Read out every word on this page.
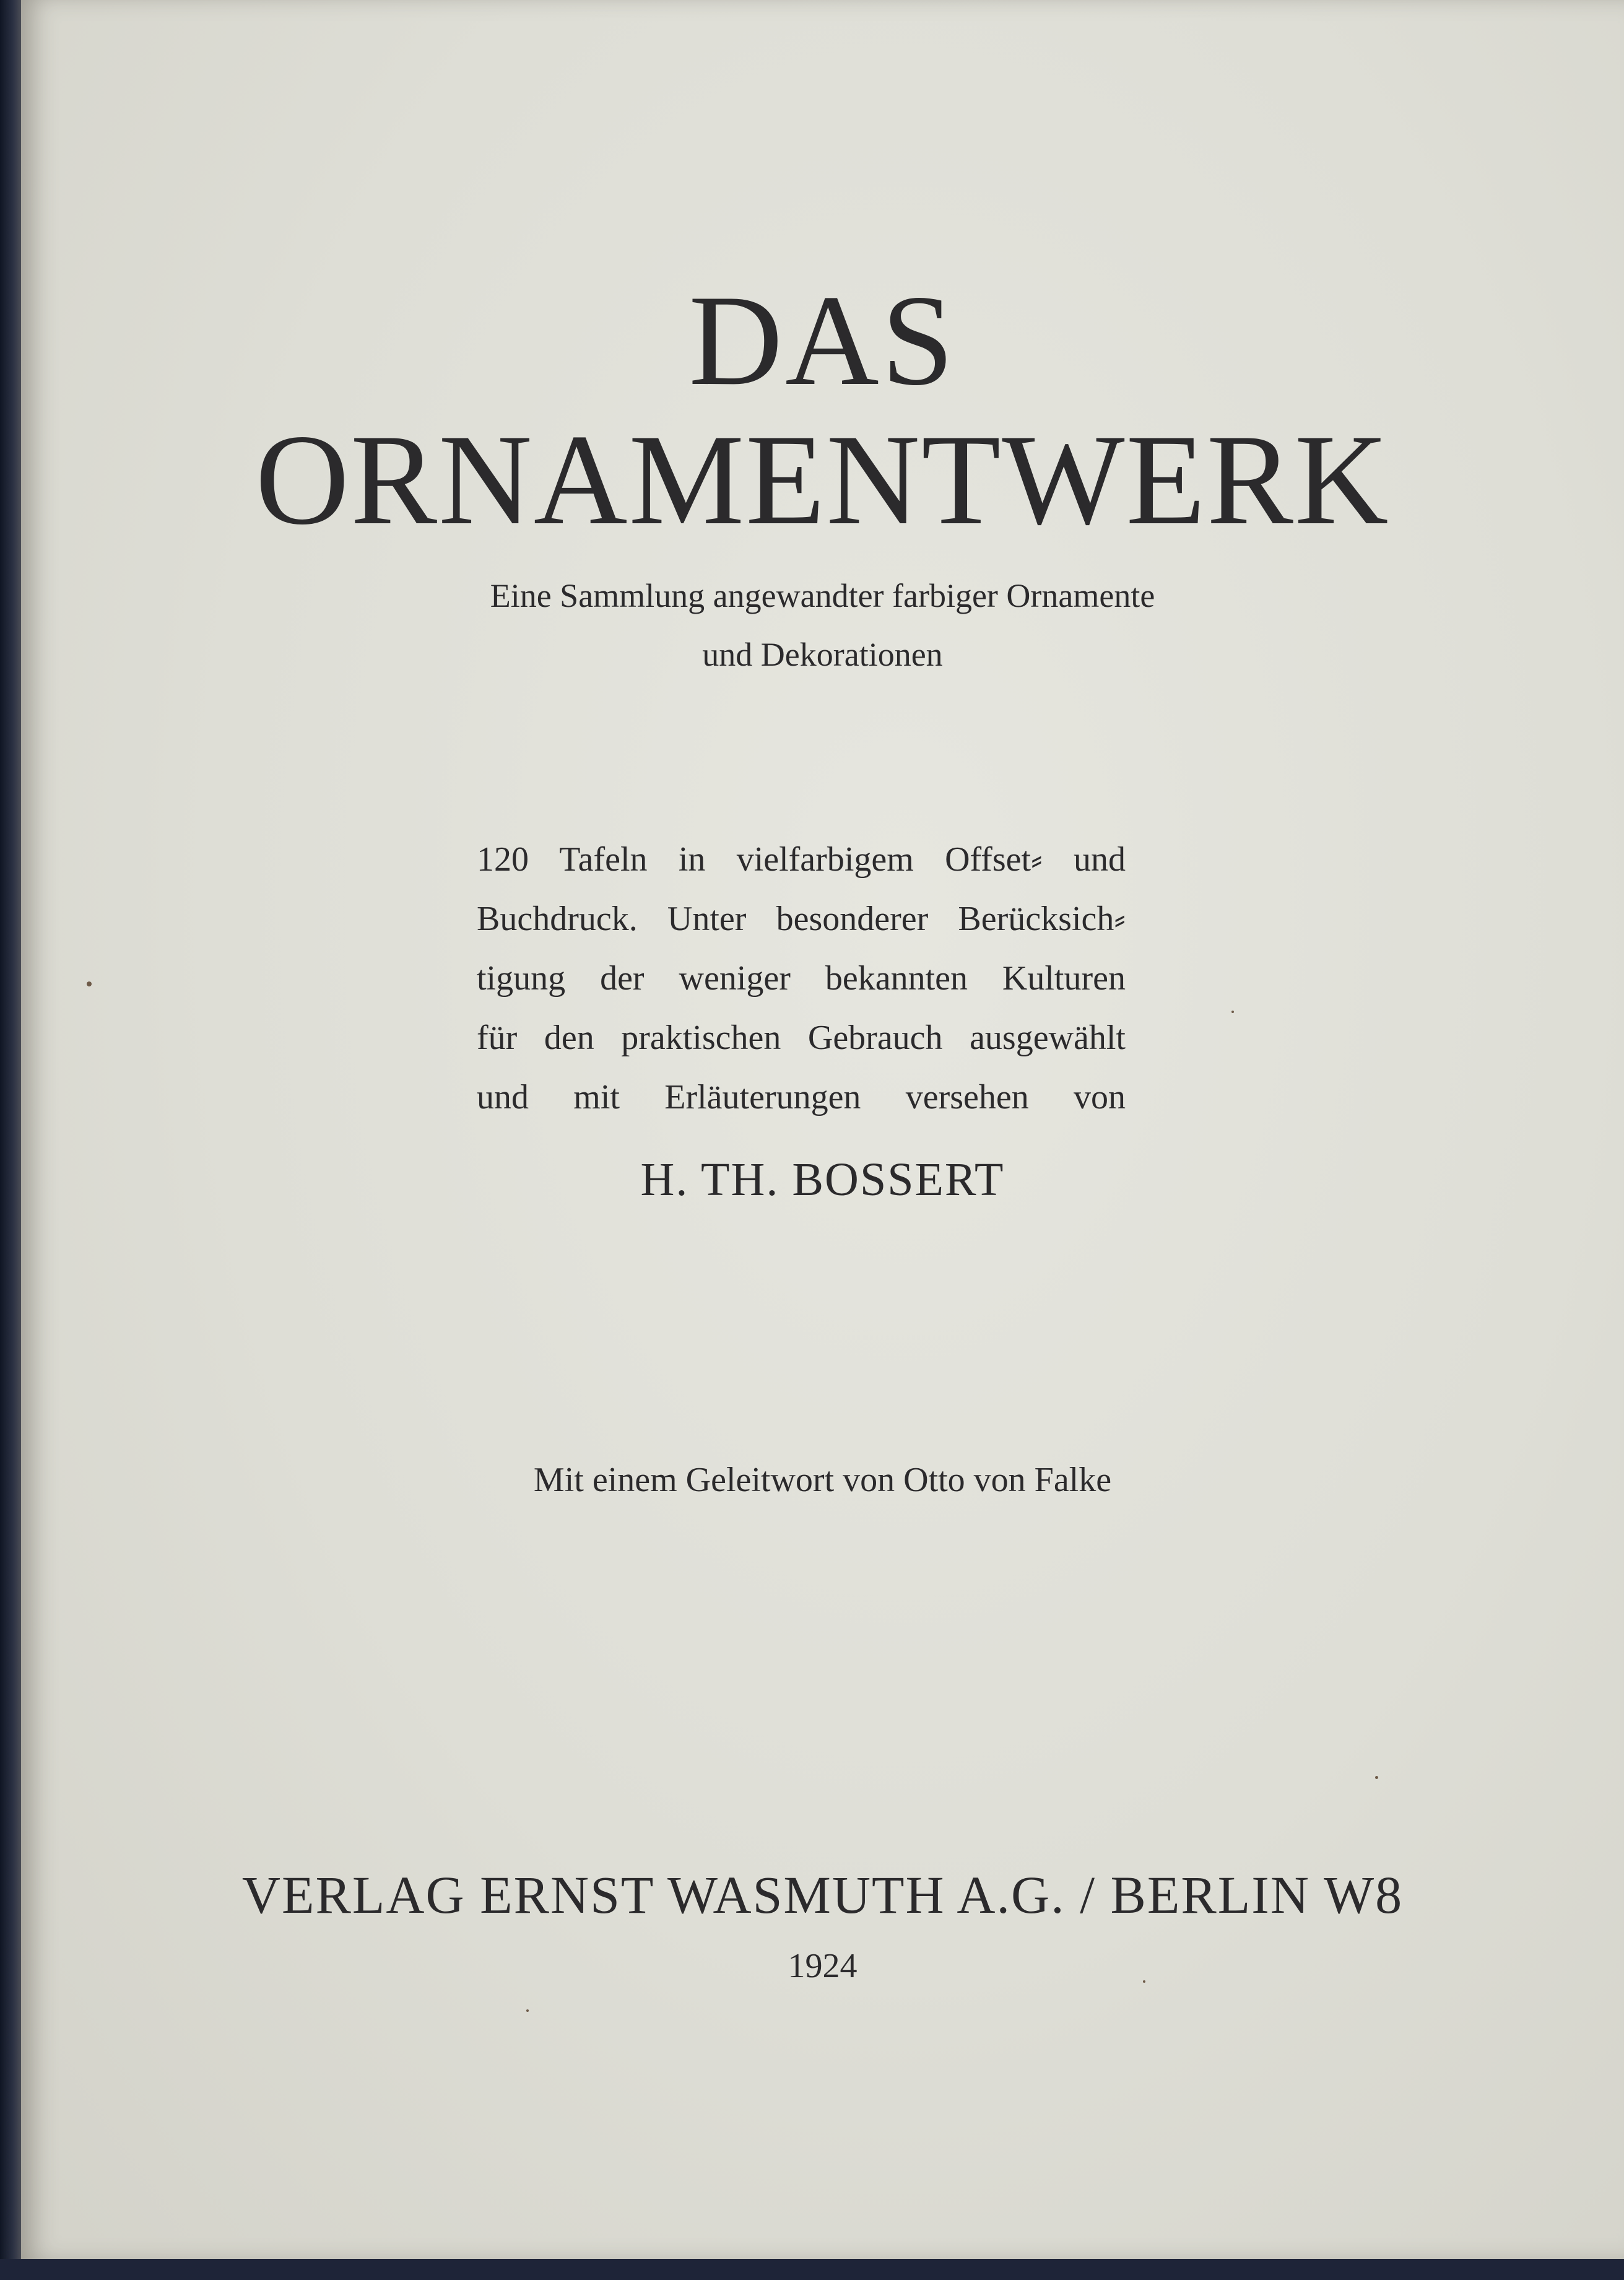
DAS
ORNAMENTWERK
Eine Sammlung angewandter farbiger Ornamente
und Dekorationen
120 Tafeln in vielfarbigem Offset⸗ und
Buchdruck. Unter besonderer Berücksich⸗
tigung der weniger bekannten Kulturen
für den praktischen Gebrauch ausgewählt
und mit Erläuterungen versehen von
H. TH. BOSSERT
Mit einem Geleitwort von Otto von Falke
VERLAG ERNST WASMUTH A.G. / BERLIN W8
1924
